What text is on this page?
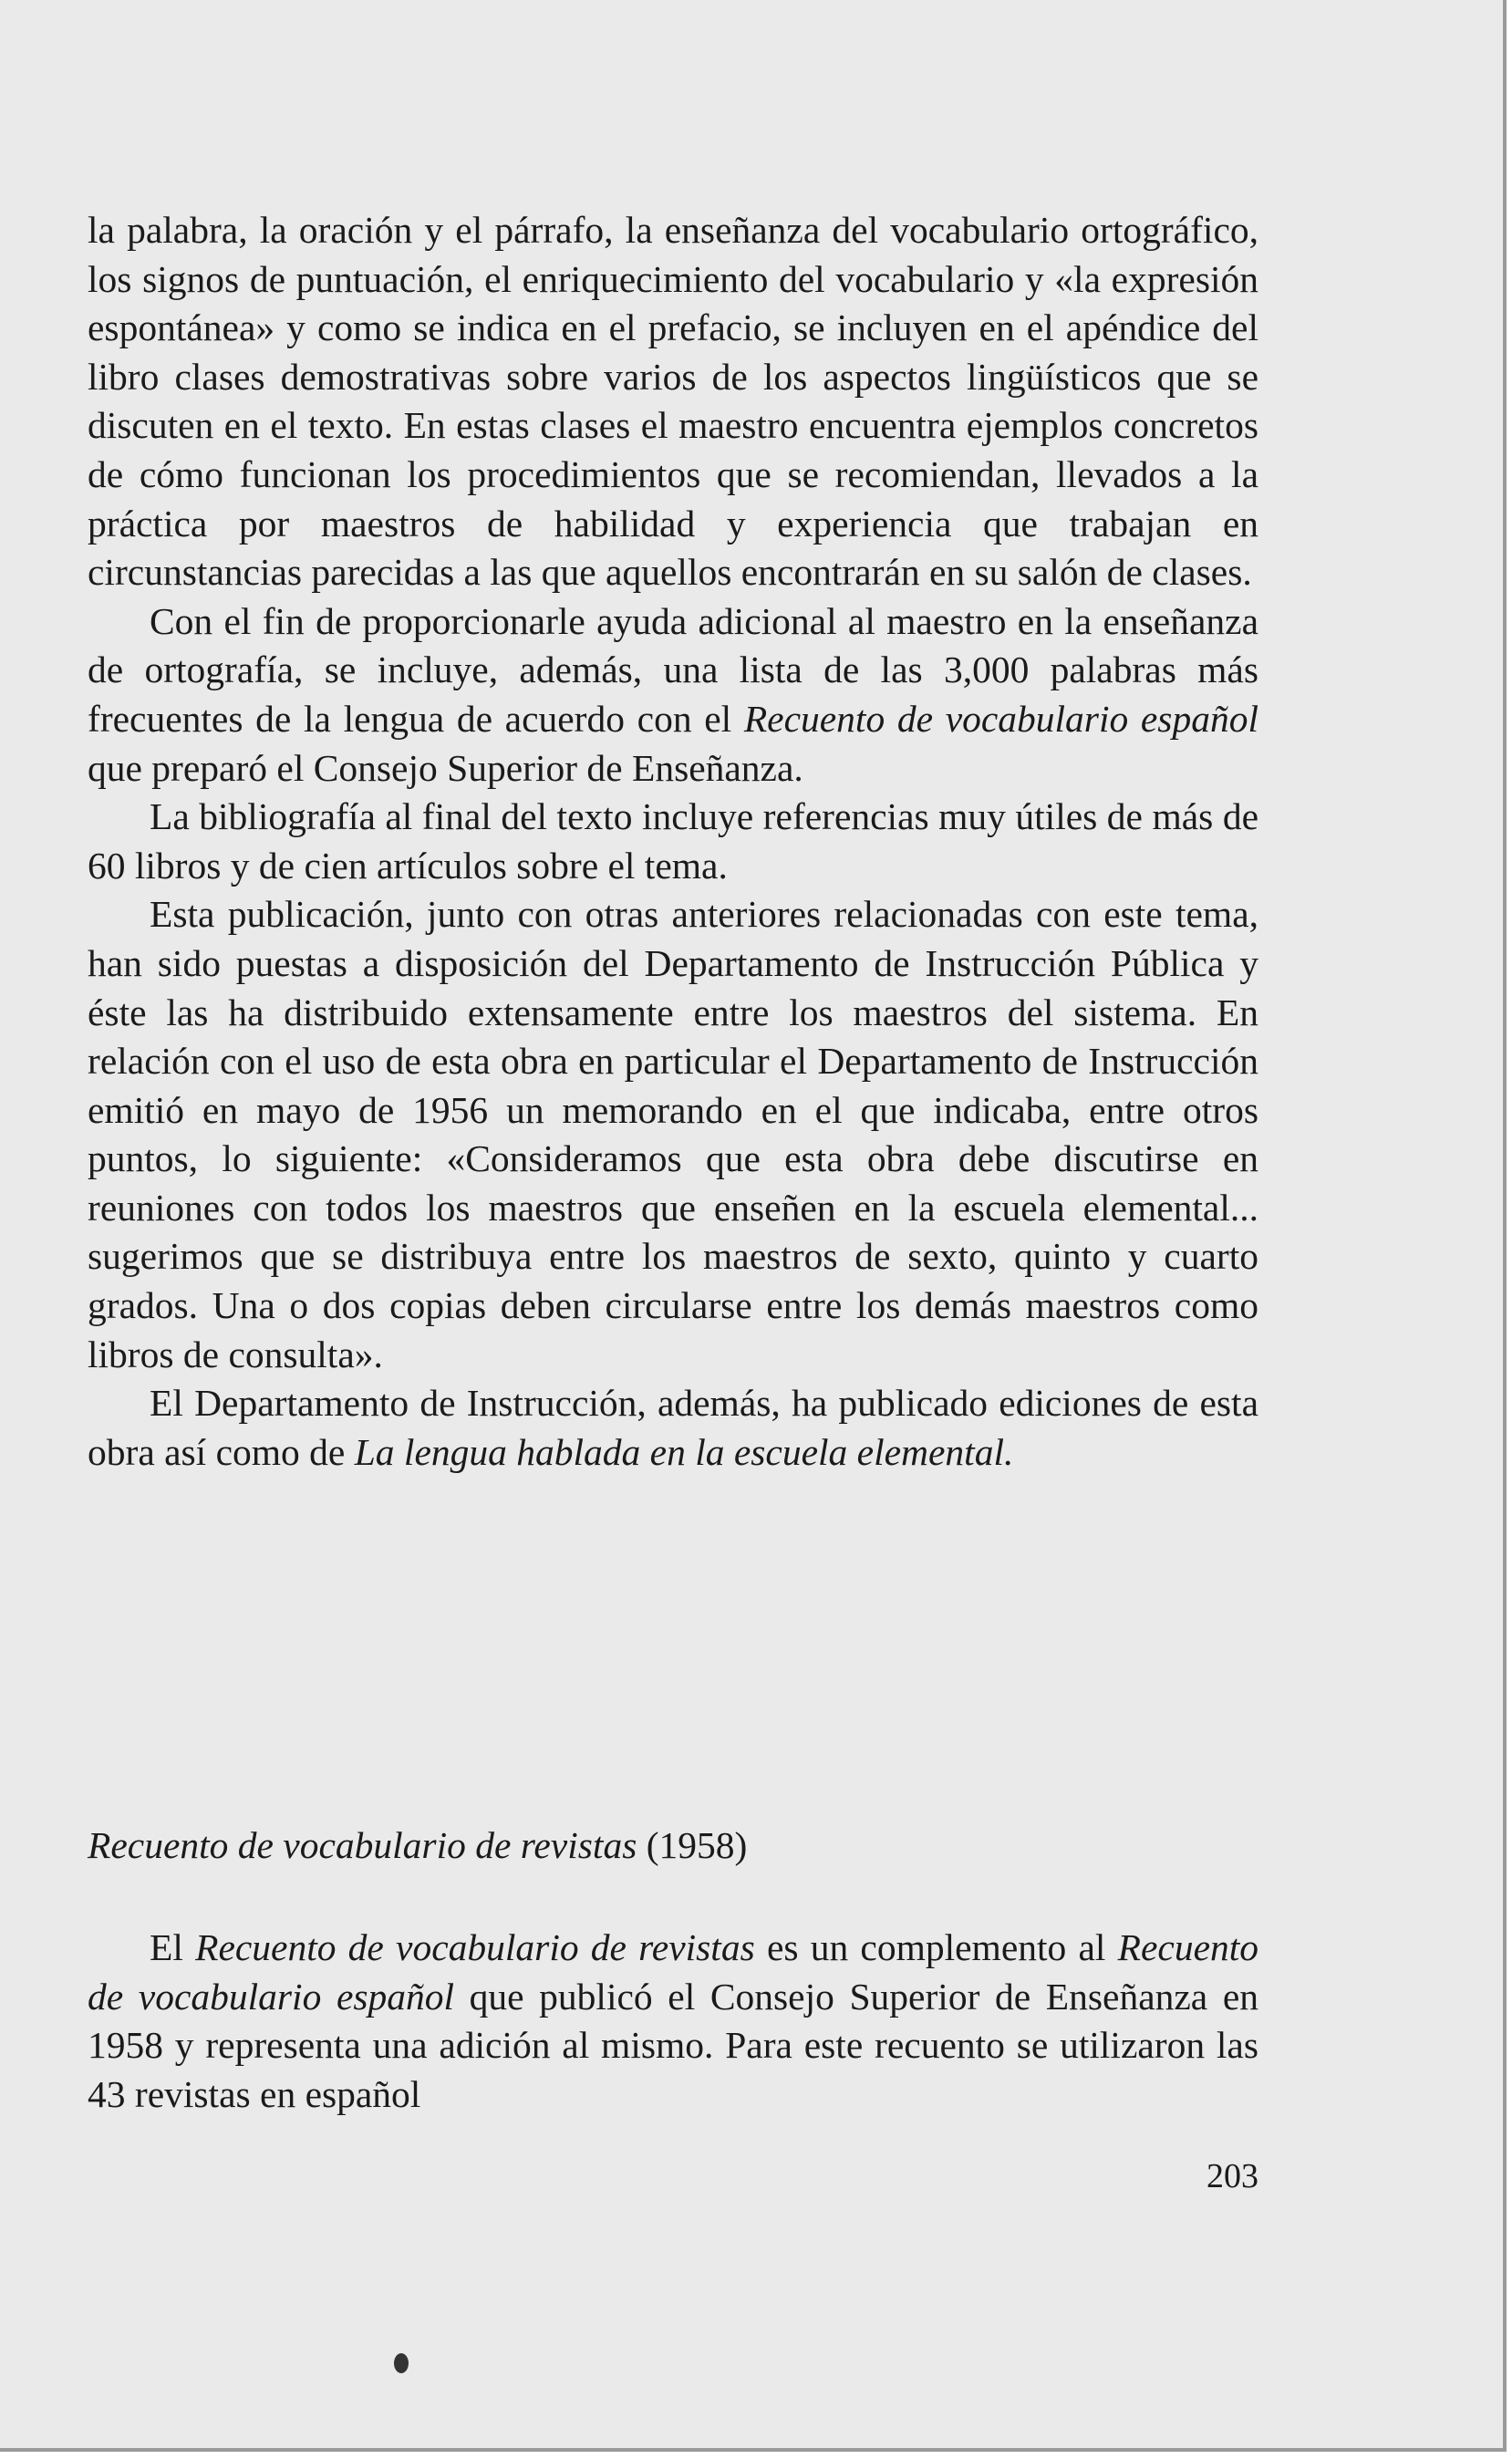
la palabra, la oración y el párrafo, la enseñanza del vocabulario ortográfico, los signos de puntuación, el enriquecimiento del vocabulario y «la expresión espontánea» y como se indica en el prefacio, se incluyen en el apéndice del libro clases demostrativas sobre varios de los aspectos lingüísticos que se discuten en el texto. En estas clases el maestro encuentra ejemplos concretos de cómo funcionan los procedimientos que se recomiendan, llevados a la práctica por maestros de habilidad y experiencia que trabajan en circunstancias parecidas a las que aquellos encontrarán en su salón de clases.

Con el fin de proporcionarle ayuda adicional al maestro en la enseñanza de ortografía, se incluye, además, una lista de las 3,000 palabras más frecuentes de la lengua de acuerdo con el Recuento de vocabulario español que preparó el Consejo Superior de Enseñanza.

La bibliografía al final del texto incluye referencias muy útiles de más de 60 libros y de cien artículos sobre el tema.

Esta publicación, junto con otras anteriores relacionadas con este tema, han sido puestas a disposición del Departamento de Instrucción Pública y éste las ha distribuido extensamente entre los maestros del sistema. En relación con el uso de esta obra en particular el Departamento de Instrucción emitió en mayo de 1956 un memorando en el que indicaba, entre otros puntos, lo siguiente: «Consideramos que esta obra debe discutirse en reuniones con todos los maestros que enseñen en la escuela elemental... sugerimos que se distribuya entre los maestros de sexto, quinto y cuarto grados. Una o dos copias deben circularse entre los demás maestros como libros de consulta».

El Departamento de Instrucción, además, ha publicado ediciones de esta obra así como de La lengua hablada en la escuela elemental.

Recuento de vocabulario de revistas (1958)

El Recuento de vocabulario de revistas es un complemento al Recuento de vocabulario español que publicó el Consejo Superior de Enseñanza en 1958 y representa una adición al mismo. Para este recuento se utilizaron las 43 revistas en español

203
